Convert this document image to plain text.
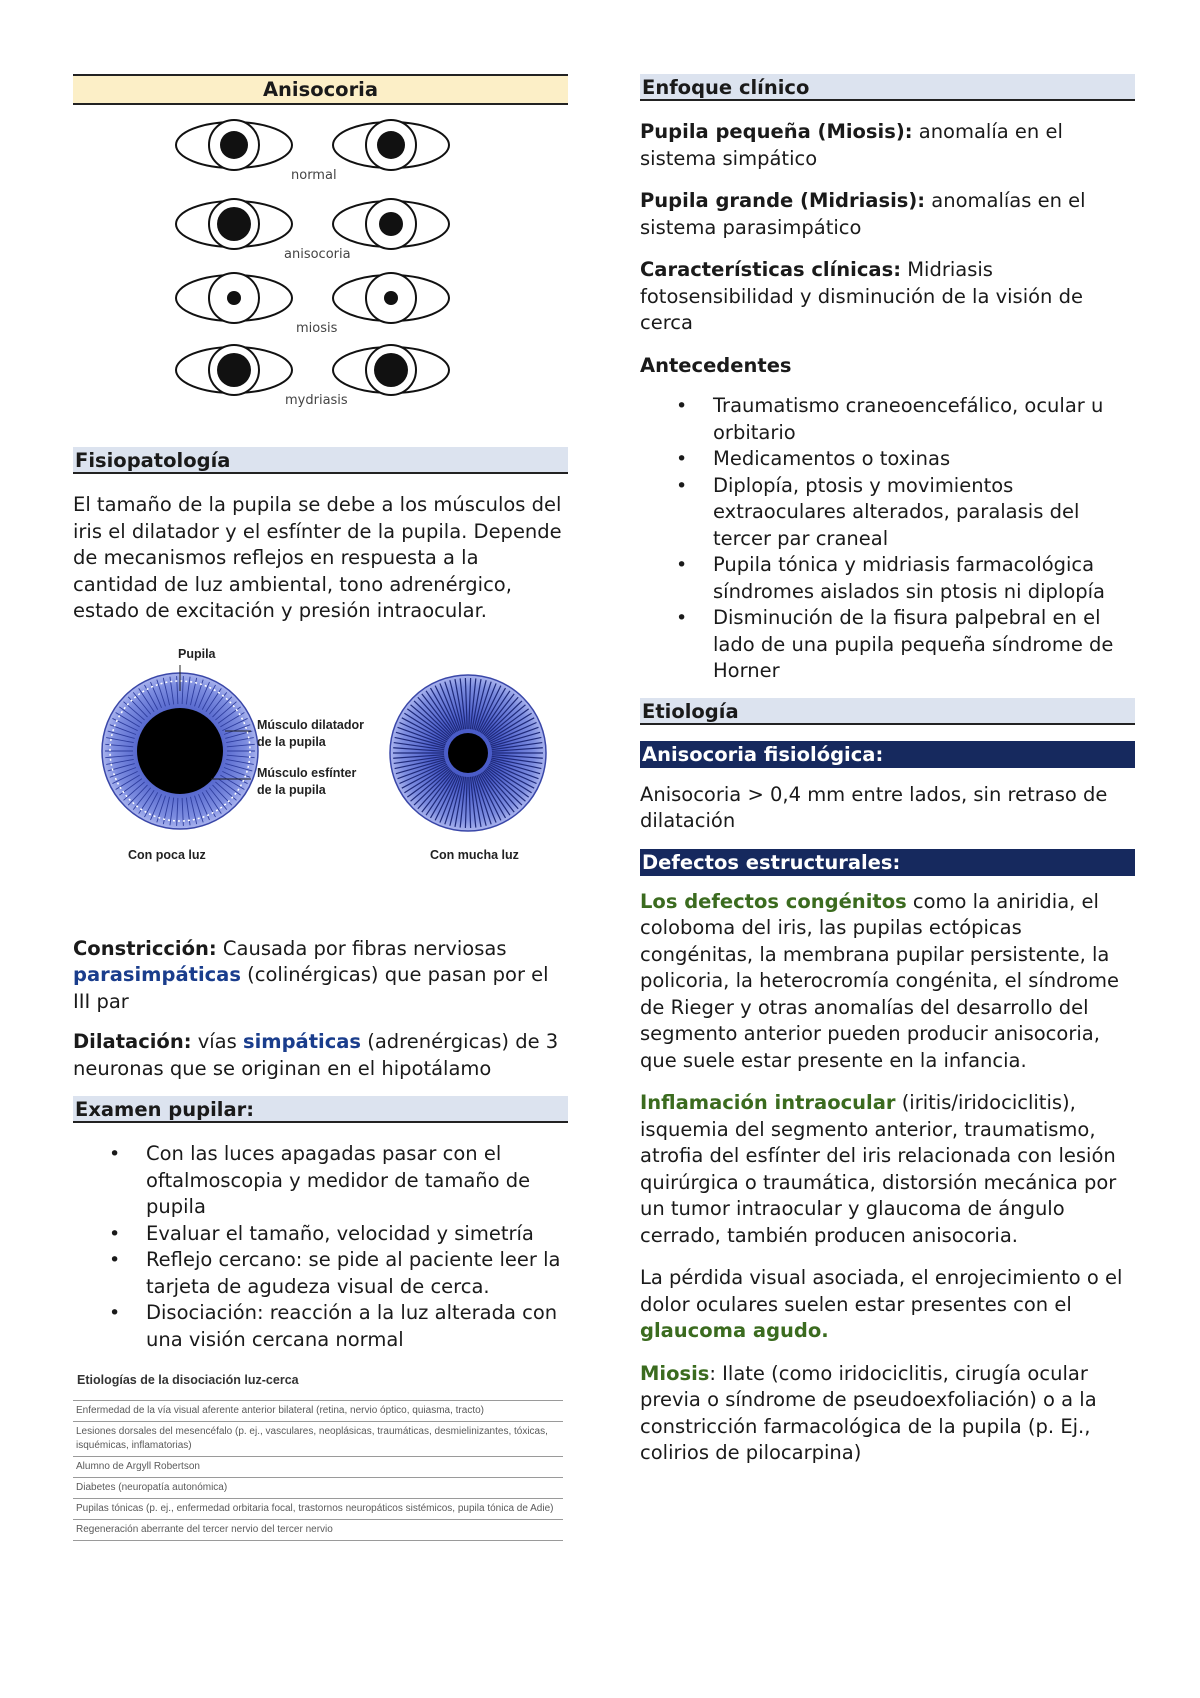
Anisocoria
normal
anisocoria
miosis
mydriasis
Fisiopatología

El tamaño de la pupila se debe a los músculos del iris el dilatador y el esfínter de la pupila. Depende de mecanismos reflejos en respuesta a la cantidad de luz ambiental, tono adrenérgico, estado de excitación y presión intraocular.

Pupila
Músculo dilatador
de la pupila
Músculo esfínter
de la pupila
Con poca luz	Con mucha luz

Constricción: Causada por fibras nerviosas parasimpáticas (colinérgicas) que pasan por el III par

Dilatación: vías simpáticas (adrenérgicas) de 3 neuronas que se originan en el hipotálamo

Examen pupilar:
• Con las luces apagadas pasar con el oftalmoscopia y medidor de tamaño de pupila
• Evaluar el tamaño, velocidad y simetría
• Reflejo cercano: se pide al paciente leer la tarjeta de agudeza visual de cerca.
• Disociación: reacción a la luz alterada con una visión cercana normal
Etiologías de la disociación luz-cerca
Enfermedad de la vía visual aferente anterior bilateral (retina, nervio óptico, quiasma, tracto)
Lesiones dorsales del mesencéfalo (p. ej., vasculares, neoplásicas, traumáticas, desmielinizantes, tóxicas, isquémicas, inflamatorias)
Alumno de Argyll Robertson
Diabetes (neuropatía autonómica)
Pupilas tónicas (p. ej., enfermedad orbitaria focal, trastornos neuropáticos sistémicos, pupila tónica de Adie)
Regeneración aberrante del tercer nervio del tercer nervio
Enfoque clínico

Pupila pequeña (Miosis): anomalía en el sistema simpático

Pupila grande (Midriasis): anomalías en el sistema parasimpático

Características clínicas: Midriasis fotosensibilidad y disminución de la visión de cerca

Antecedentes

• Traumatismo craneoencefálico, ocular u orbitario
• Medicamentos o toxinas
• Diplopía, ptosis y movimientos extraoculares alterados, paralasis del tercer par craneal
• Pupila tónica y midriasis farmacológica síndromes aislados sin ptosis ni diplopía
• Disminución de la fisura palpebral en el lado de una pupila pequeña síndrome de Horner
Etiología
Anisocoria fisiológica:

Anisocoria > 0,4 mm entre lados, sin retraso de dilatación

Defectos estructurales:

Los defectos congénitos como la aniridia, el coloboma del iris, las pupilas ectópicas congénitas, la membrana pupilar persistente, la policoria, la heterocromía congénita, el síndrome de Rieger y otras anomalías del desarrollo del segmento anterior pueden producir anisocoria, que suele estar presente en la infancia.

Inflamación intraocular (iritis/iridociclitis), isquemia del segmento anterior, traumatismo, atrofia del esfínter del iris relacionada con lesión quirúrgica o traumática, distorsión mecánica por un tumor intraocular y glaucoma de ángulo cerrado, también producen anisocoria.

La pérdida visual asociada, el enrojecimiento o el dolor oculares suelen estar presentes con el glaucoma agudo.

Miosis: Ilate (como iridociclitis, cirugía ocular previa o síndrome de pseudoexfoliación) o a la constricción farmacológica de la pupila (p. Ej., colirios de pilocarpina)
